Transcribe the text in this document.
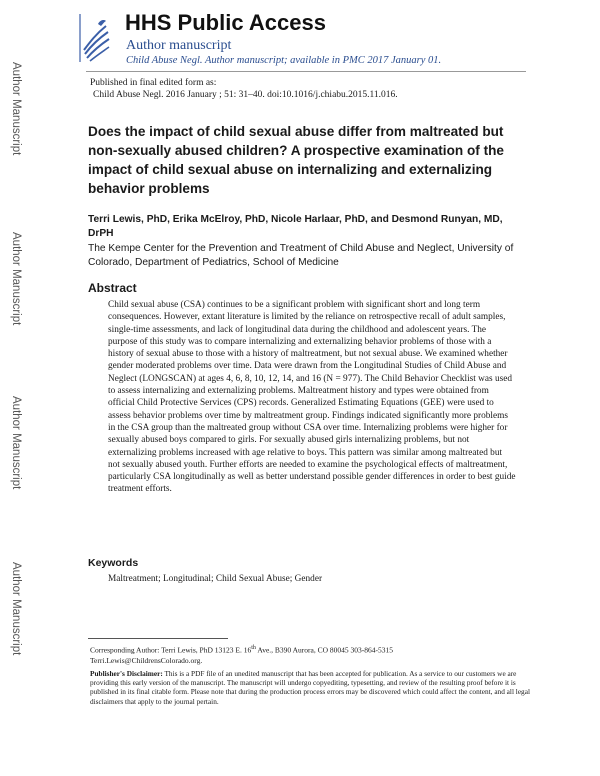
Author Manuscript
Author Manuscript
Author Manuscript
Author Manuscript
HHS Public Access
Author manuscript
Child Abuse Negl. Author manuscript; available in PMC 2017 January 01.
Published in final edited form as:
Child Abuse Negl. 2016 January ; 51: 31–40. doi:10.1016/j.chiabu.2015.11.016.
Does the impact of child sexual abuse differ from maltreated but non-sexually abused children? A prospective examination of the impact of child sexual abuse on internalizing and externalizing behavior problems
Terri Lewis, PhD, Erika McElroy, PhD, Nicole Harlaar, PhD, and Desmond Runyan, MD, DrPH
The Kempe Center for the Prevention and Treatment of Child Abuse and Neglect, University of Colorado, Department of Pediatrics, School of Medicine
Abstract

Child sexual abuse (CSA) continues to be a significant problem with significant short and long term consequences. However, extant literature is limited by the reliance on retrospective recall of adult samples, single-time assessments, and lack of longitudinal data during the childhood and adolescent years. The purpose of this study was to compare internalizing and externalizing behavior problems of those with a history of sexual abuse to those with a history of maltreatment, but not sexual abuse. We examined whether gender moderated problems over time. Data were drawn from the Longitudinal Studies of Child Abuse and Neglect (LONGSCAN) at ages 4, 6, 8, 10, 12, 14, and 16 (N = 977). The Child Behavior Checklist was used to assess internalizing and externalizing problems. Maltreatment history and types were obtained from official Child Protective Services (CPS) records. Generalized Estimating Equations (GEE) were used to assess behavior problems over time by maltreatment group. Findings indicated significantly more problems in the CSA group than the maltreated group without CSA over time. Internalizing problems were higher for sexually abused boys compared to girls. For sexually abused girls internalizing problems, but not externalizing problems increased with age relative to boys. This pattern was similar among maltreated but not sexually abused youth. Further efforts are needed to examine the psychological effects of maltreatment, particularly CSA longitudinally as well as better understand possible gender differences in order to best guide treatment efforts.

Keywords
Maltreatment; Longitudinal; Child Sexual Abuse; Gender
Corresponding Author: Terri Lewis, PhD 13123 E. 16th Ave., B390 Aurora, CO 80045 303-864-5315
Terri.Lewis@ChildrensColorado.org.

Publisher's Disclaimer: This is a PDF file of an unedited manuscript that has been accepted for publication. As a service to our customers we are providing this early version of the manuscript. The manuscript will undergo copyediting, typesetting, and review of the resulting proof before it is published in its final citable form. Please note that during the production process errors may be discovered which could affect the content, and all legal disclaimers that apply to the journal pertain.
